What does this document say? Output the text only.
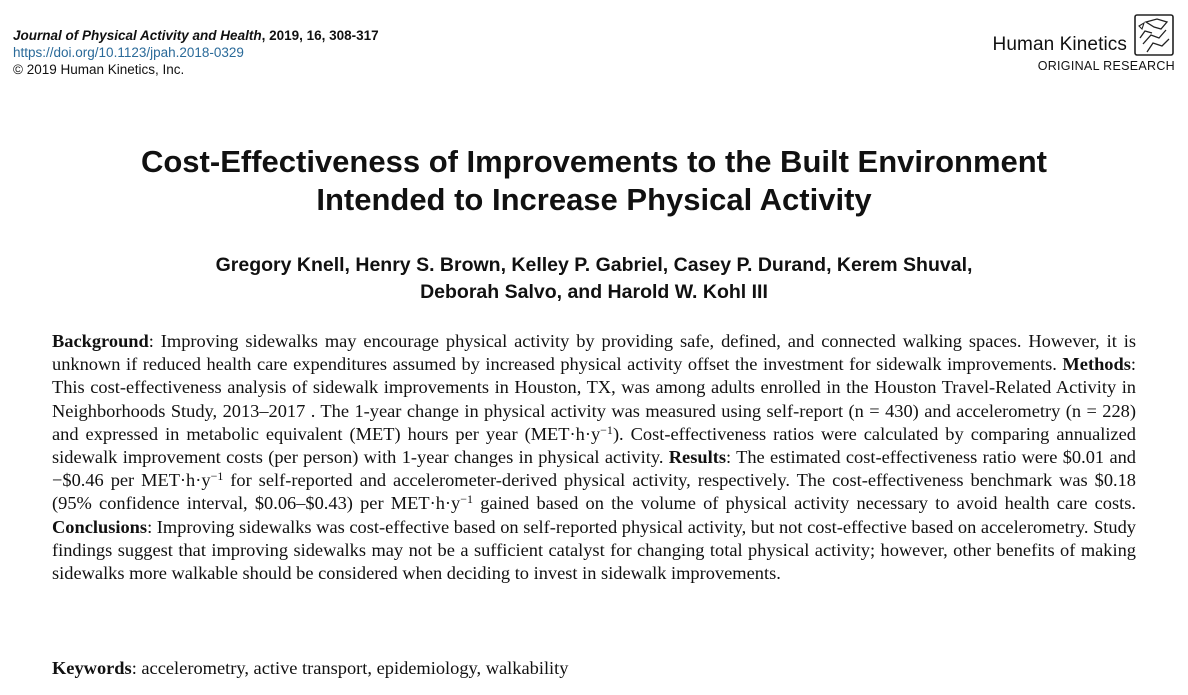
Journal of Physical Activity and Health, 2019, 16, 308-317
https://doi.org/10.1123/jpah.2018-0329
© 2019 Human Kinetics, Inc.
Human Kinetics
ORIGINAL RESEARCH
Cost-Effectiveness of Improvements to the Built Environment
Intended to Increase Physical Activity
Gregory Knell, Henry S. Brown, Kelley P. Gabriel, Casey P. Durand, Kerem Shuval,
Deborah Salvo, and Harold W. Kohl III

Background: Improving sidewalks may encourage physical activity by providing safe, defined, and connected walking spaces. However, it is unknown if reduced health care expenditures assumed by increased physical activity offset the investment for sidewalk improvements. Methods: This cost-effectiveness analysis of sidewalk improvements in Houston, TX, was among adults enrolled in the Houston Travel-Related Activity in Neighborhoods Study, 2013–2017 . The 1-year change in physical activity was measured using self-report (n = 430) and accelerometry (n = 228) and expressed in metabolic equivalent (MET) hours per year $(MET\cdot h\cdot y^{-1})$. Cost-effectiveness ratios were calculated by comparing annualized sidewalk improvement costs (per person) with 1-year changes in physical activity. Results: The estimated cost-effectiveness ratio were $0.01 and −$0.46 per $MET\cdot h\cdot y^{-1}$ for self-reported and accelerometer-derived physical activity, respectively. The cost-effectiveness benchmark was $0.18 (95% confidence interval, $0.06–$0.43) per $MET\cdot h\cdot y^{-1}$ gained based on the volume of physical activity necessary to avoid health care costs. Conclusions: Improving sidewalks was cost-effective based on self-reported physical activity, but not cost-effective based on accelerometry. Study findings suggest that improving sidewalks may not be a sufficient catalyst for changing total physical activity; however, other benefits of making sidewalks more walkable should be considered when deciding to invest in sidewalk improvements.

Keywords: accelerometry, active transport, epidemiology, walkability
